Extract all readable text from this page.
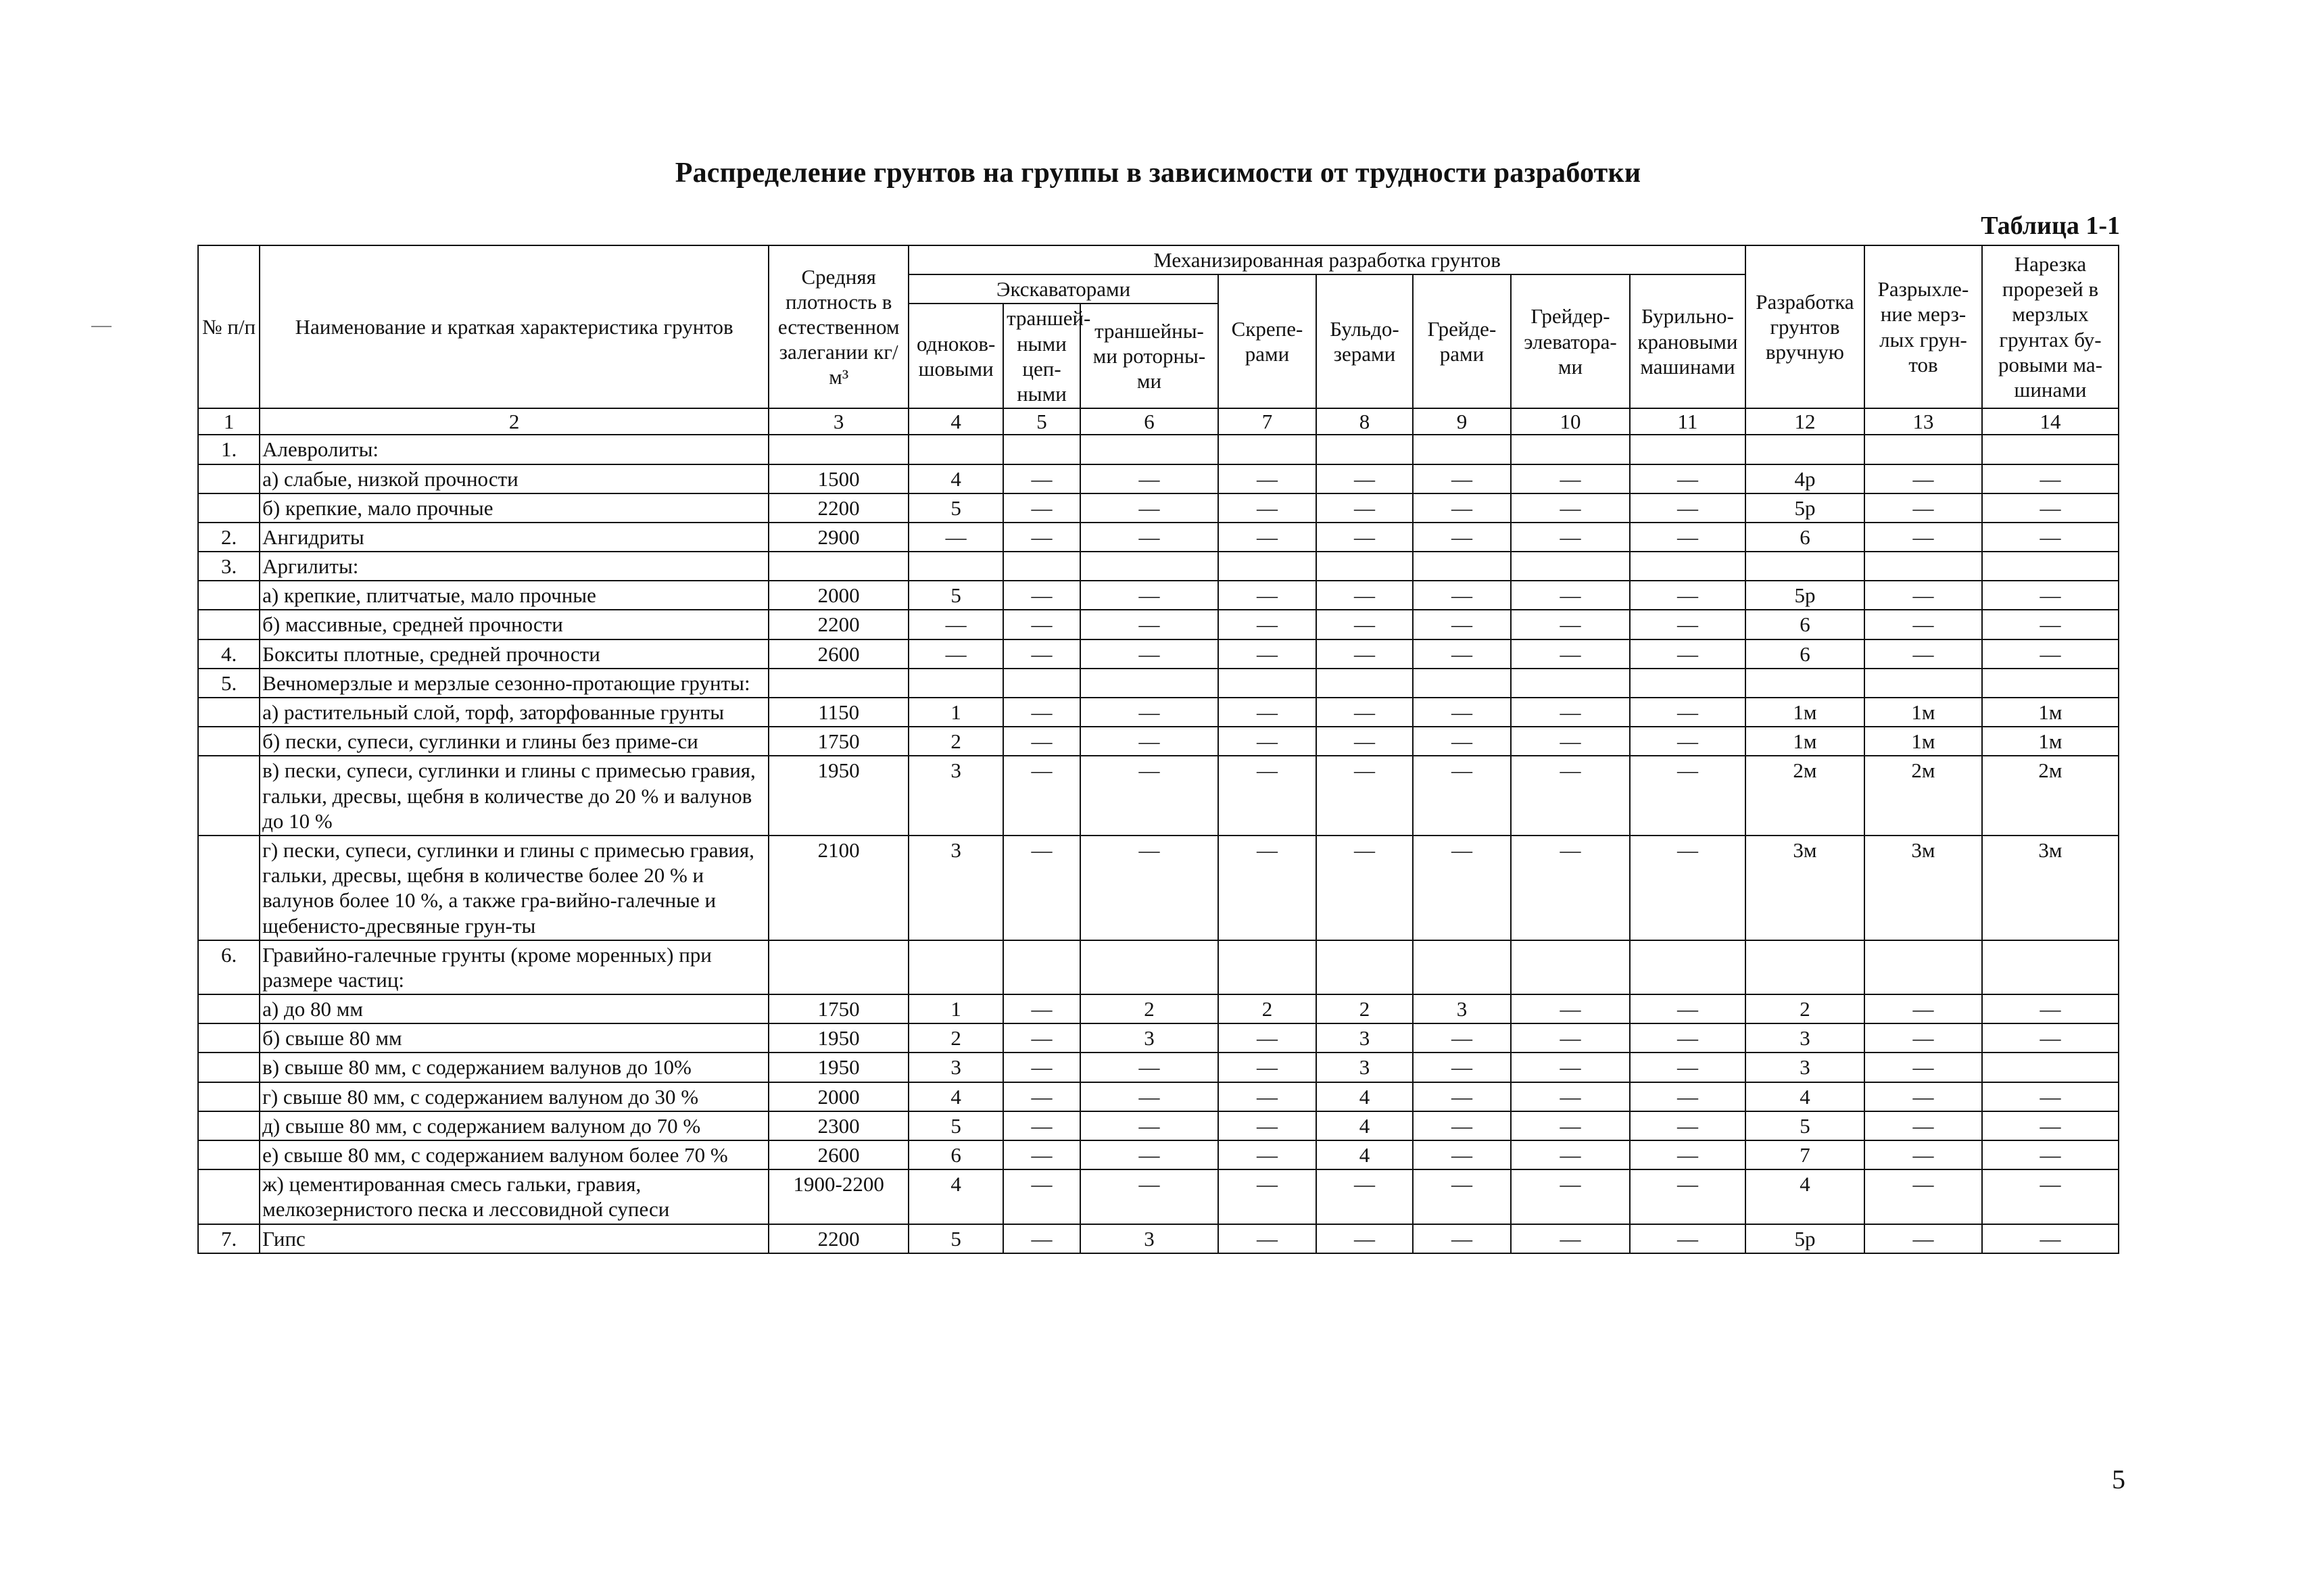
Распределение грунтов на группы в зависимости от трудности разработки
Таблица 1-1
№ п/п	Наименование и краткая характеристика грунтов	Средняя плотность в естественном залегании кг/м³	Механизированная разработка грунтов								Разработка грунтов вручную	Разрыхле-ние мерз-лых грун-тов	Нарезка прорезей в мерзлых грунтах бу-ровыми ма-шинами
			Экскаваторами			Скрепе-рами	Бульдо-зерами	Грейде-рами	Грейдер-элеватора-ми	Бурильно-крановыми машинами			
			одноков-шовыми	траншей-ными цеп-ными	траншейны-ми роторны-ми								
1	2	3	4	5	6	7	8	9	10	11	12	13	14
1.	Алевролиты:												
	а) слабые, низкой прочности	1500	4	—	—	—	—	—	—	—	4р	—	—
	б) крепкие, мало прочные	2200	5	—	—	—	—	—	—	—	5р	—	—
2.	Ангидриты	2900	—	—	—	—	—	—	—	—	6	—	—
3.	Аргилиты:												
	а) крепкие, плитчатые, мало прочные	2000	5	—	—	—	—	—	—	—	5р	—	—
	б) массивные, средней прочности	2200	—	—	—	—	—	—	—	—	6	—	—
4.	Бокситы плотные, средней прочности	2600	—	—	—	—	—	—	—	—	6	—	—
5.	Вечномерзлые и мерзлые сезонно-протающие грунты:												
	а) растительный слой, торф, заторфованные грунты	1150	1	—	—	—	—	—	—	—	1м	1м	1м
	б) пески, супеси, суглинки и глины без приме-си	1750	2	—	—	—	—	—	—	—	1м	1м	1м
	в) пески, супеси, суглинки и глины с примесью гравия, гальки, дресвы, щебня в количестве до 20 % и валунов до 10 %	1950	3	—	—	—	—	—	—	—	2м	2м	2м
	г) пески, супеси, суглинки и глины с примесью гравия, гальки, дресвы, щебня в количестве более 20 % и валунов более 10 %, а также гра-вийно-галечные и щебенисто-дресвяные грун-ты	2100	3	—	—	—	—	—	—	—	3м	3м	3м
6.	Гравийно-галечные грунты (кроме моренных) при размере частиц:												
	а) до 80 мм	1750	1	—	2	2	2	3	—	—	2	—	—
	б) свыше 80 мм	1950	2	—	3	—	3	—	—	—	3	—	—
	в) свыше 80 мм, с содержанием валунов до 10%	1950	3	—	—	—	3	—	—	—	3	—	
	г) свыше 80 мм, с содержанием валуном до 30 %	2000	4	—	—	—	4	—	—	—	4	—	—
	д) свыше 80 мм, с содержанием валуном до 70 %	2300	5	—	—	—	4	—	—	—	5	—	—
	е) свыше 80 мм, с содержанием валуном более 70 %	2600	6	—	—	—	4	—	—	—	7	—	—
	ж) цементированная смесь гальки, гравия, мелкозернистого песка и лессовидной супеси	1900-2200	4	—	—	—	—	—	—	—	4	—	—
7.	Гипс	2200	5	—	3	—	—	—	—	—	5р	—	—
5
